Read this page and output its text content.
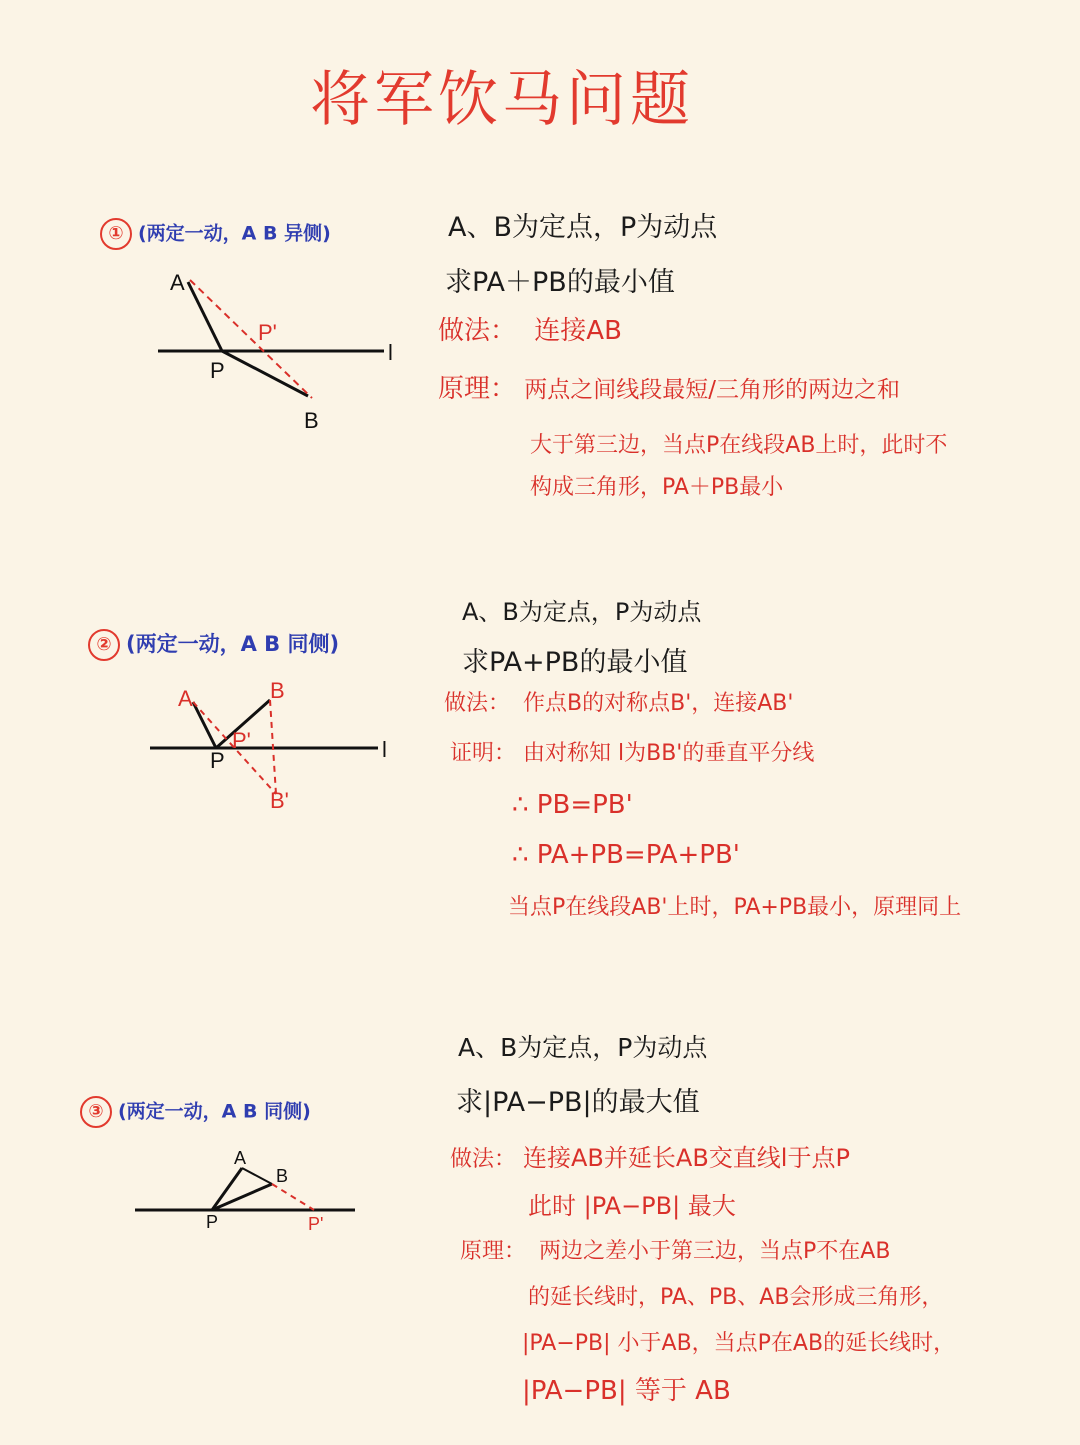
将军饮马问题
① (两定一动，A B 异侧)
A
P
P'
B
l
A、B为定点，P为动点
求PA＋PB的最小值
做法： 连接AB
原理： 两点之间线段最短/三角形的两边之和
大于第三边，当点P在线段AB上时，此时不
构成三角形，PA＋PB最小
② (两定一动，A B 同侧)
A	B
P
P'
B'
l
A、B为定点，P为动点
求PA+PB的最小值
做法： 作点B的对称点B'，连接AB'
证明： 由对称知 l为BB'的垂直平分线
∴ PB=PB'
∴ PA+PB=PA+PB'
当点P在线段AB'上时，PA+PB最小，原理同上
③ (两定一动，A B 同侧)
A
B
P	P'
A、B为定点，P为动点
求|PA−PB|的最大值
做法： 连接AB并延长AB交直线l于点P
此时 |PA−PB| 最大
原理： 两边之差小于第三边，当点P不在AB
的延长线时，PA、PB、AB会形成三角形，
|PA−PB| 小于AB，当点P在AB的延长线时，
|PA−PB| 等于 AB
